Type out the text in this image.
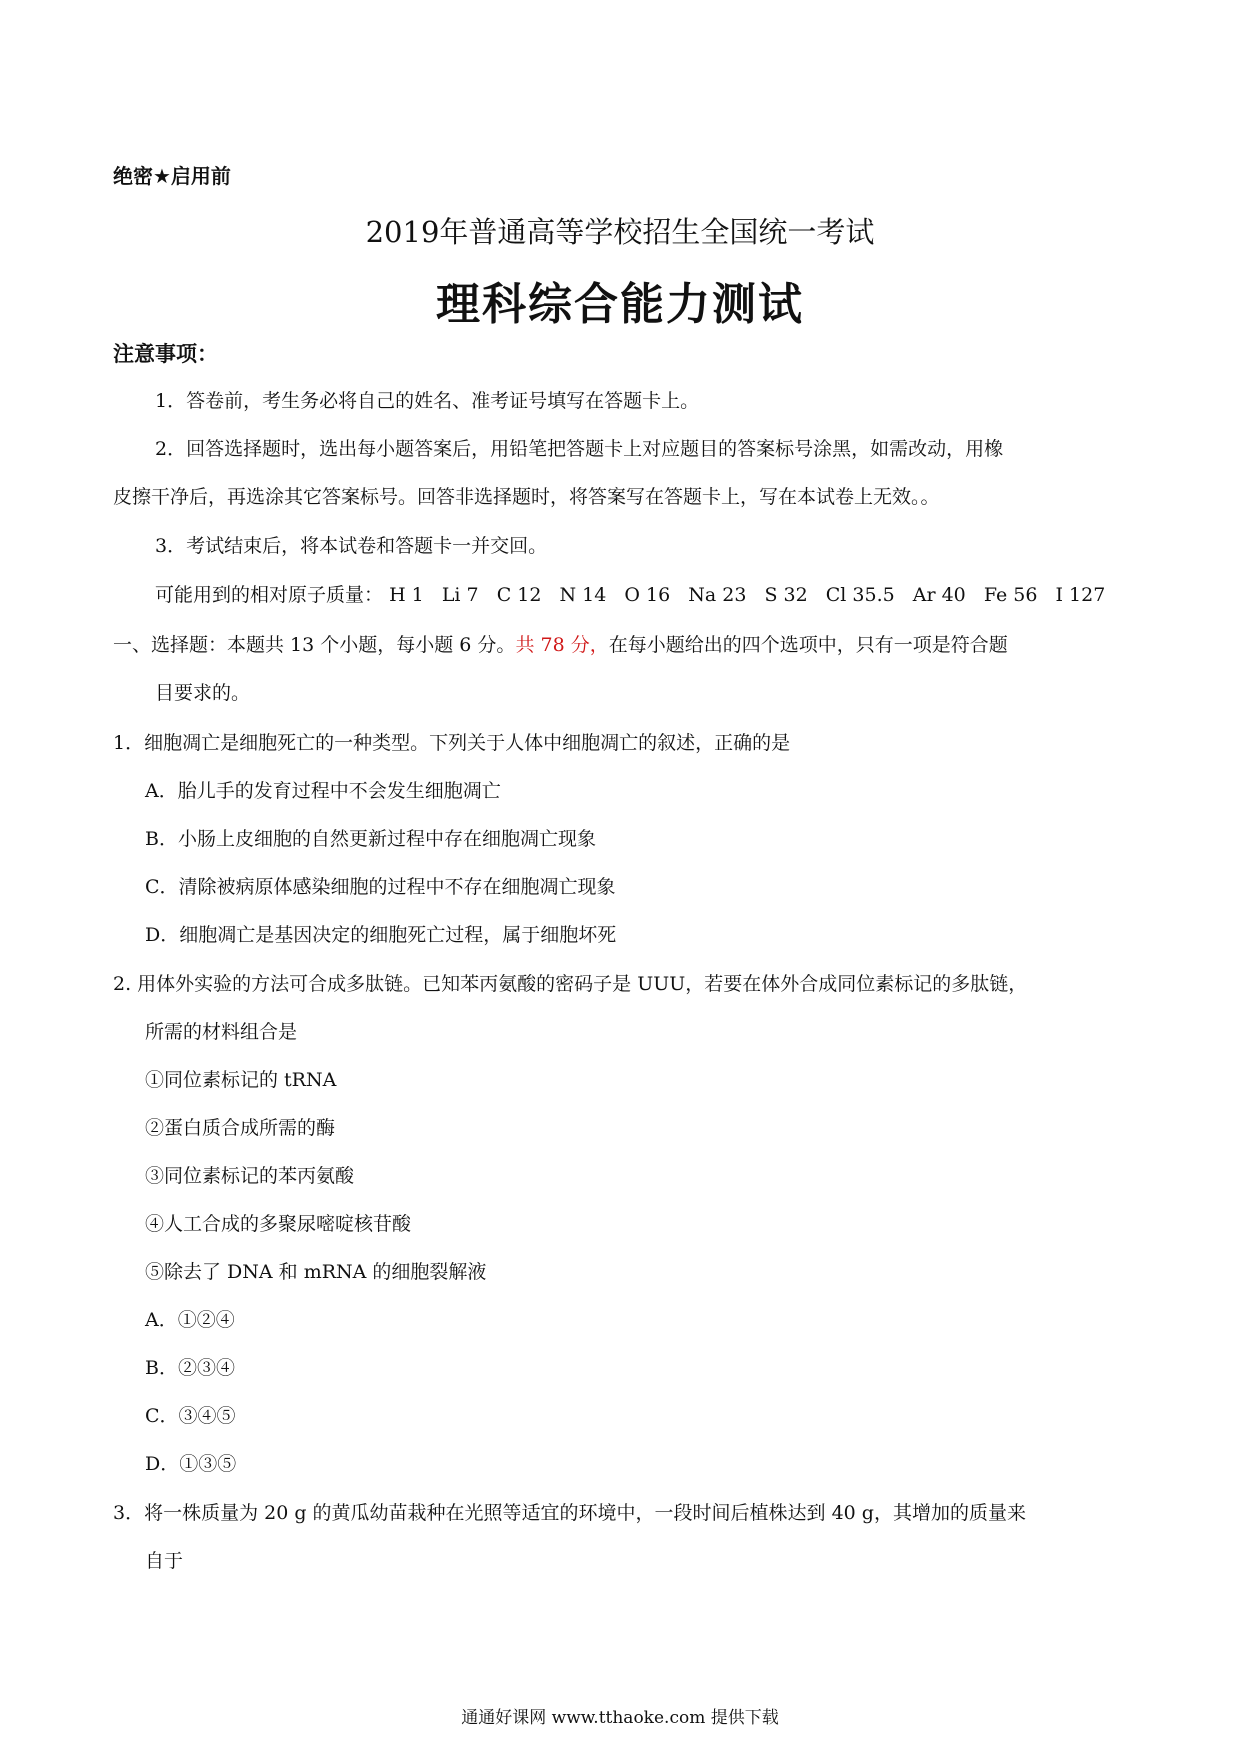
绝密★启用前
2019年普通高等学校招生全国统一考试
理科综合能力测试
注意事项：
1．答卷前，考生务必将自己的姓名、准考证号填写在答题卡上。
2．回答选择题时，选出每小题答案后，用铅笔把答题卡上对应题目的答案标号涂黑，如需改动，用橡
皮擦干净后，再选涂其它答案标号。回答非选择题时，将答案写在答题卡上，写在本试卷上无效。。
3．考试结束后，将本试卷和答题卡一并交回。
可能用到的相对原子质量： H 1 Li 7 C 12 N 14 O 16 Na 23 S 32 Cl 35.5 Ar 40 Fe 56 I 127
一、选择题：本题共 13 个小题，每小题 6 分。共 78 分，在每小题给出的四个选项中，只有一项是符合题
目要求的。
1．细胞凋亡是细胞死亡的一种类型。下列关于人体中细胞凋亡的叙述，正确的是
A．胎儿手的发育过程中不会发生细胞凋亡
B．小肠上皮细胞的自然更新过程中存在细胞凋亡现象
C．清除被病原体感染细胞的过程中不存在细胞凋亡现象
D．细胞凋亡是基因决定的细胞死亡过程，属于细胞坏死
2. 用体外实验的方法可合成多肽链。已知苯丙氨酸的密码子是 UUU，若要在体外合成同位素标记的多肽链，
所需的材料组合是
①同位素标记的 tRNA
②蛋白质合成所需的酶
③同位素标记的苯丙氨酸
④人工合成的多聚尿嘧啶核苷酸
⑤除去了 DNA 和 mRNA 的细胞裂解液
A．①②④
B．②③④
C．③④⑤
D．①③⑤
3．将一株质量为 20 g 的黄瓜幼苗栽种在光照等适宜的环境中，一段时间后植株达到 40 g，其增加的质量来
自于
通通好课网 www.tthaoke.com 提供下载
